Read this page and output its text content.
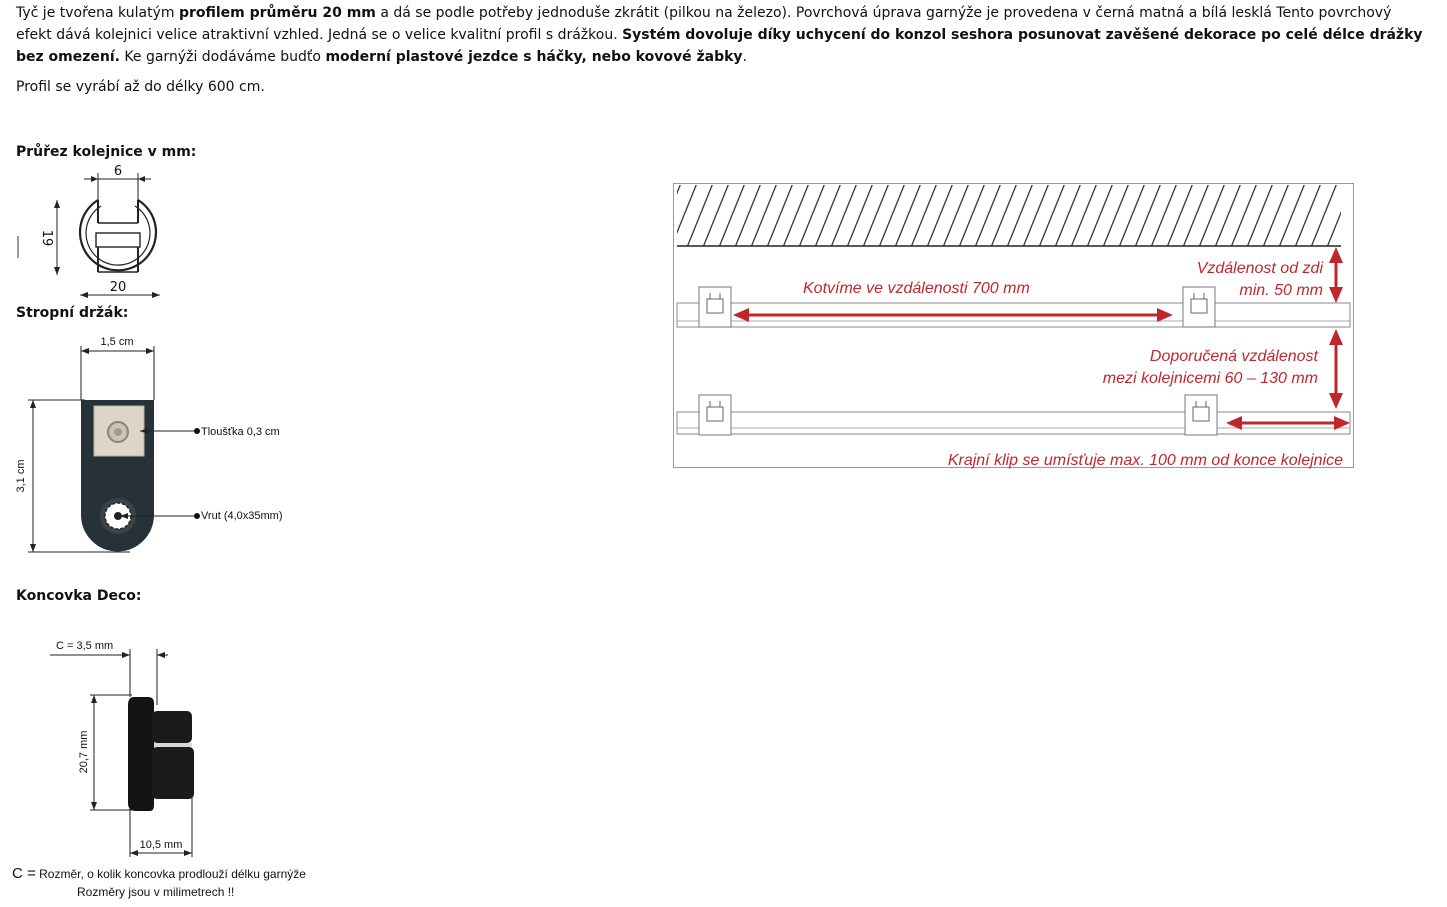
Tyč je tvořena kulatým profilem průměru 20 mm a dá se podle potřeby jednoduše zkrátit (pilkou na železo). Povrchová úprava garnýže je provedena v černá matná a bílá lesklá Tento povrchový efekt dává kolejnici velice atraktivní vzhled. Jedná se o velice kvalitní profil s drážkou. Systém dovoluje díky uchycení do konzol seshora posunovat zavěšené dekorace po celé délce drážky bez omezení. Ke garnýži dodáváme budťo moderní plastové jezdce s háčky, nebo kovové žabky.

Profil se vyrábí až do délky 600 cm.

Průřez kolejnice v mm:
Stropní držák:
Koncovka Deco:
6
19
20
1,5 cm
3,1 cm
Tloušťka 0,3 cm
Vrut (4,0x35mm)
C = 3,5 mm
20,7 mm
10,5 mm

C = Rozměr, o kolik koncovka prodlouží délku garnýže

Rozměry jsou v milimetrech !!

Kotvíme ve vzdálenosti 700 mm
Vzdálenost od zdi
min. 50 mm
Doporučená vzdálenost
mezi kolejnicemi 60 – 130 mm
Krajní klip se umísťuje max. 100 mm od konce kolejnice
